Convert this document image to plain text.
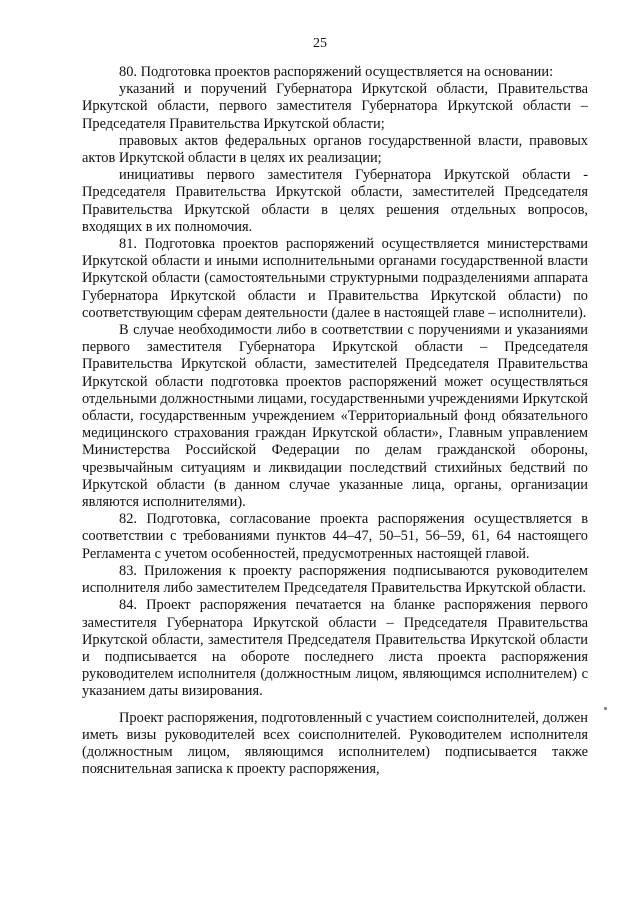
25

80. Подготовка проектов распоряжений осуществляется на основании:

указаний и поручений Губернатора Иркутской области, Правительства Иркутской области, первого заместителя Губернатора Иркутской области – Председателя Правительства Иркутской области;

правовых актов федеральных органов государственной власти, правовых актов Иркутской области в целях их реализации;

инициативы первого заместителя Губернатора Иркутской области - Председателя Правительства Иркутской области, заместителей Председателя Правительства Иркутской области в целях решения отдельных вопросов, входящих в их полномочия.

81. Подготовка проектов распоряжений осуществляется министерствами Иркутской области и иными исполнительными органами государственной власти Иркутской области (самостоятельными структурными подразделениями аппарата Губернатора Иркутской области и Правительства Иркутской области) по соответствующим сферам деятельности (далее в настоящей главе – исполнители).

В случае необходимости либо в соответствии с поручениями и указаниями первого заместителя Губернатора Иркутской области – Председателя Правительства Иркутской области, заместителей Председателя Правительства Иркутской области подготовка проектов распоряжений может осуществляться отдельными должностными лицами, государственными учреждениями Иркутской области, государственным учреждением «Территориальный фонд обязательного медицинского страхования граждан Иркутской области», Главным управлением Министерства Российской Федерации по делам гражданской обороны, чрезвычайным ситуациям и ликвидации последствий стихийных бедствий по Иркутской области (в данном случае указанные лица, органы, организации являются исполнителями).

82. Подготовка, согласование проекта распоряжения осуществляется в соответствии с требованиями пунктов 44–47, 50–51, 56–59, 61, 64 настоящего Регламента с учетом особенностей, предусмотренных настоящей главой.

83. Приложения к проекту распоряжения подписываются руководителем исполнителя либо заместителем Председателя Правительства Иркутской области.

84. Проект распоряжения печатается на бланке распоряжения первого заместителя Губернатора Иркутской области – Председателя Правительства Иркутской области, заместителя Председателя Правительства Иркутской области и подписывается на обороте последнего листа проекта распоряжения руководителем исполнителя (должностным лицом, являющимся исполнителем) с указанием даты визирования.

Проект распоряжения, подготовленный с участием соисполнителей, должен иметь визы руководителей всех соисполнителей. Руководителем исполнителя (должностным лицом, являющимся исполнителем) подписывается также пояснительная записка к проекту распоряжения,
